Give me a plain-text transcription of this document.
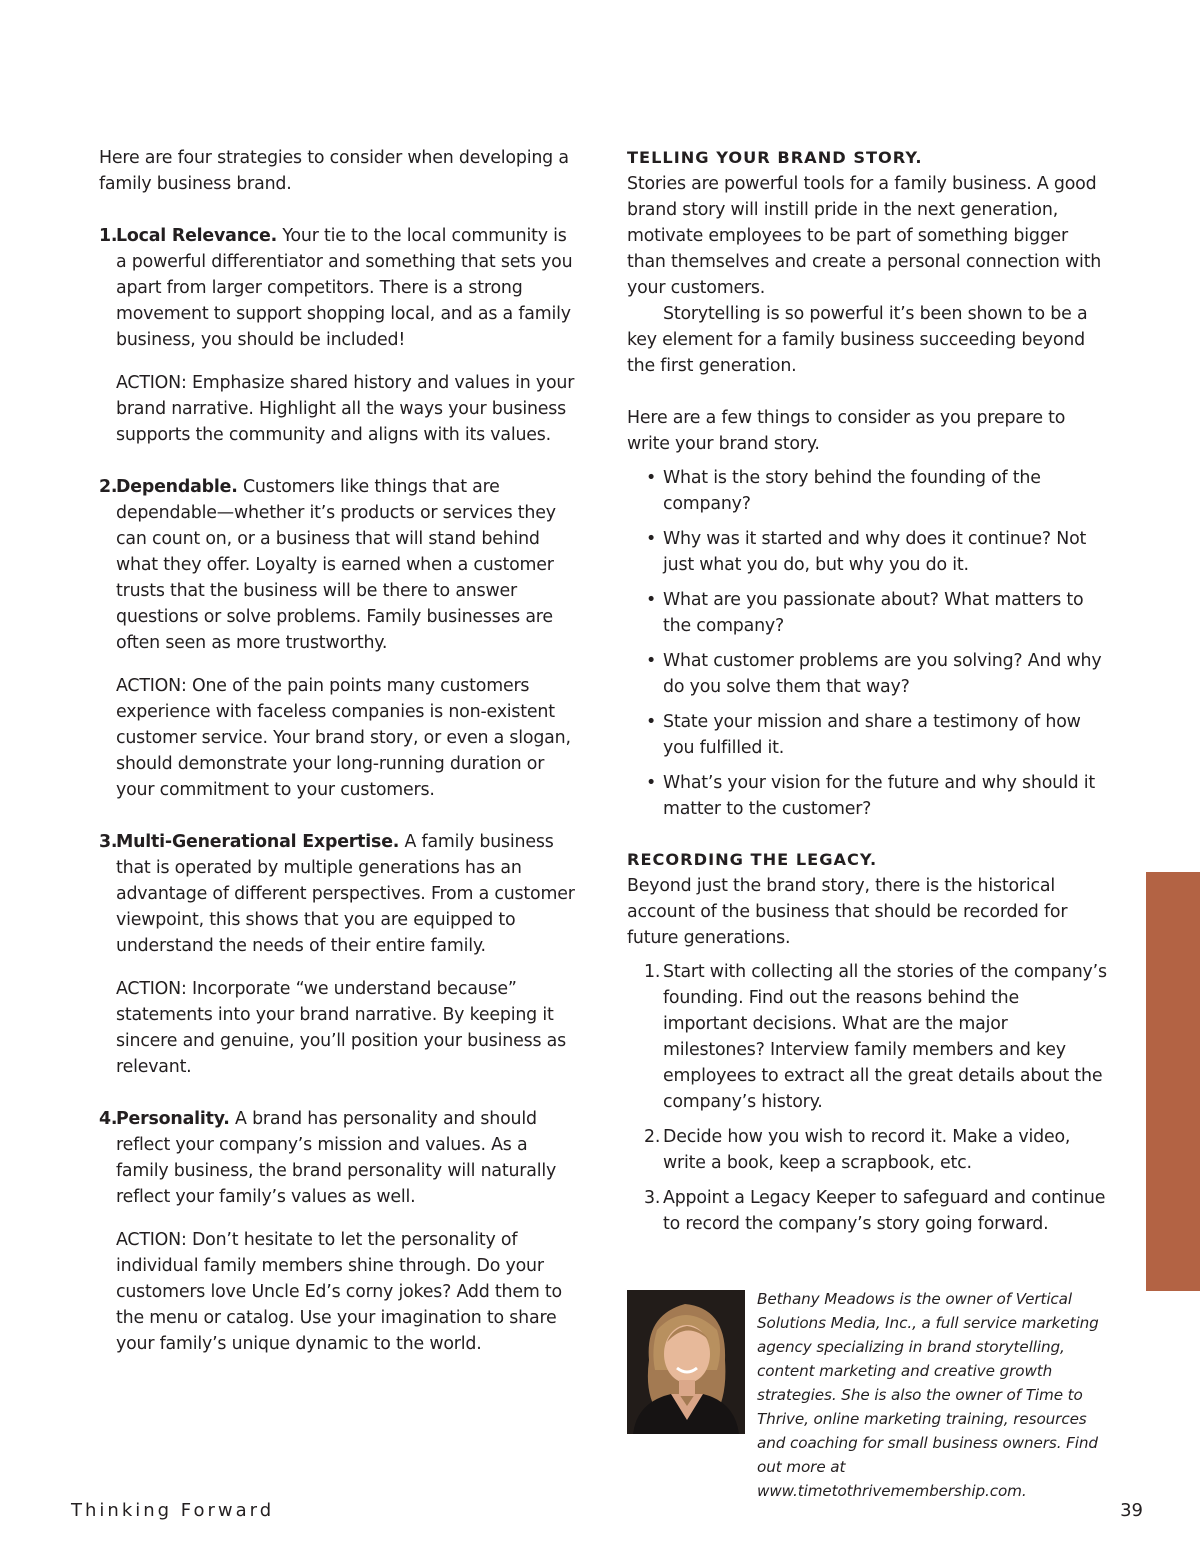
Here are four strategies to consider when developing a family business brand.

1.

Local Relevance. Your tie to the local community is a powerful differentiator and something that sets you apart from larger competitors. There is a strong movement to support shopping local, and as a family business, you should be included!

ACTION: Emphasize shared history and values in your brand narrative. Highlight all the ways your business supports the community and aligns with its values.

2.

Dependable. Customers like things that are dependable—whether it’s products or services they can count on, or a business that will stand behind what they offer. Loyalty is earned when a customer trusts that the business will be there to answer questions or solve problems. Family businesses are often seen as more trustworthy.

ACTION: One of the pain points many customers experience with faceless companies is non-existent customer service. Your brand story, or even a slogan, should demonstrate your long-running duration or your commitment to your customers.

3.

Multi-Generational Expertise. A family business that is operated by multiple generations has an advantage of different perspectives. From a customer viewpoint, this shows that you are equipped to understand the needs of their entire family.

ACTION: Incorporate “we understand because” statements into your brand narrative. By keeping it sincere and genuine, you’ll position your business as relevant.

4.

Personality. A brand has personality and should reflect your company’s mission and values. As a family business, the brand personality will naturally reflect your family’s values as well.

ACTION: Don’t hesitate to let the personality of individual family members shine through. Do your customers love Uncle Ed’s corny jokes? Add them to the menu or catalog. Use your imagination to share your family’s unique dynamic to the world.

TELLING YOUR BRAND STORY.

Stories are powerful tools for a family business. A good brand story will instill pride in the next generation, motivate employees to be part of something bigger than themselves and create a personal connection with your customers.

Storytelling is so powerful it’s been shown to be a key element for a family business succeeding beyond the first generation.

Here are a few things to consider as you prepare to write your brand story.

• What is the story behind the founding of the company?
• Why was it started and why does it continue? Not just what you do, but why you do it.
• What are you passionate about? What matters to the company?
• What customer problems are you solving? And why do you solve them that way?
• State your mission and share a testimony of how you fulfilled it.
• What’s your vision for the future and why should it matter to the customer?

RECORDING THE LEGACY.

Beyond just the brand story, there is the historical account of the business that should be recorded for future generations.

1. Start with collecting all the stories of the company’s founding. Find out the reasons behind the important decisions. What are the major milestones? Interview family members and key employees to extract all the great details about the company’s history.
2. Decide how you wish to record it. Make a video, write a book, keep a scrapbook, etc.
3. Appoint a Legacy Keeper to safeguard and continue to record the company’s story going forward.

Bethany Meadows is the owner of Vertical Solutions Media, Inc., a full service marketing agency specializing in brand storytelling, content marketing and creative growth strategies. She is also the owner of Time to Thrive, online marketing training, resources and coaching for small business owners. Find out more at www.timetothrivemembership.com.

Thinking Forward	39
